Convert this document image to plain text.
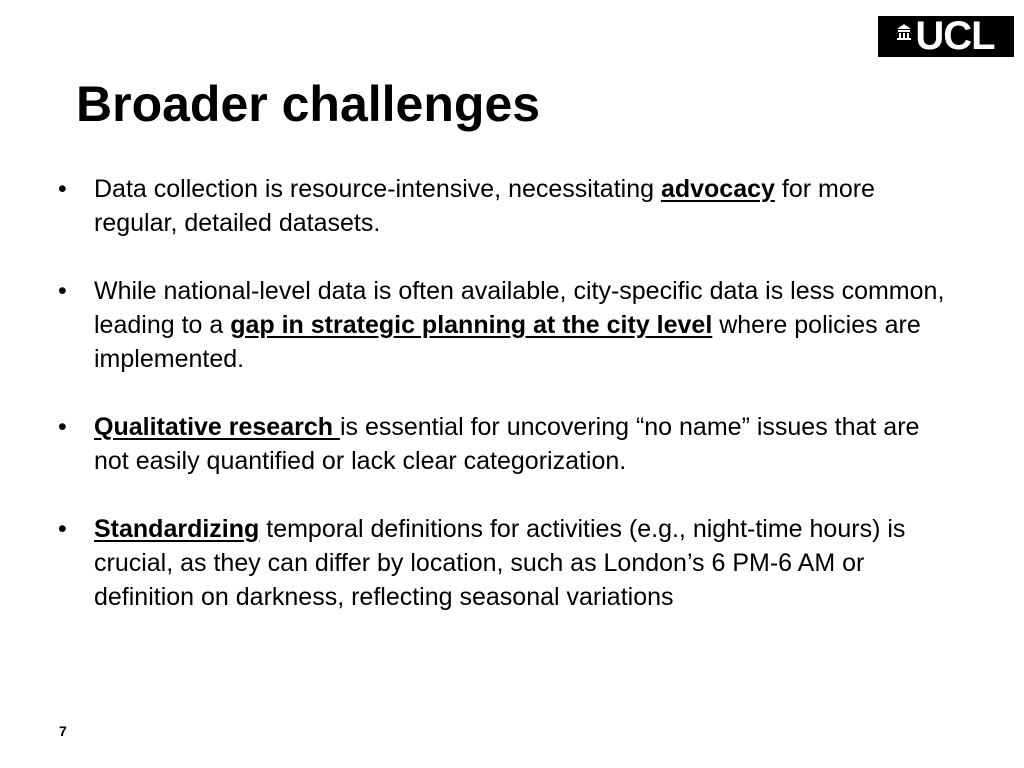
UCL
Broader challenges
•	Data collection is resource-intensive, necessitating advocacy for more regular, detailed datasets.
•	While national-level data is often available, city-specific data is less common, leading to a gap in strategic planning at the city level where policies are implemented.
•	Qualitative research is essential for uncovering “no name” issues that are not easily quantified or lack clear categorization.
•	Standardizing temporal definitions for activities (e.g., night-time hours) is crucial, as they can differ by location, such as London’s 6 PM-6 AM or definition on darkness, reflecting seasonal variations
7
